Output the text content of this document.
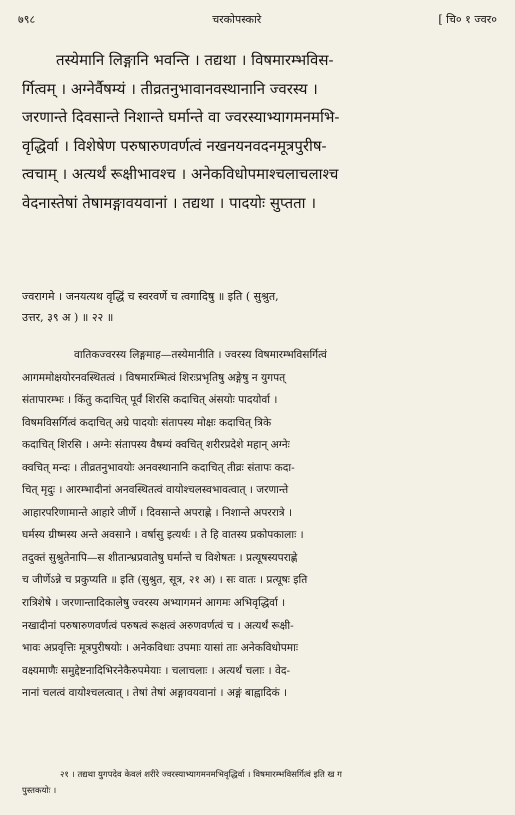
७९८	चरकोपस्कारे	[ चि० १ ज्वर०
तस्येमानि लिङ्गानि भवन्ति । तद्यथा । विषमारम्भविस-
र्गित्वम् । अग्नेर्वैषम्यं । तीव्रतनुभावानवस्थानानि ज्वरस्य ।
जरणान्ते दिवसान्ते निशान्ते घर्मान्ते वा ज्वरस्याभ्यागमनमभि-
वृद्धिर्वा । विशेषेण परुषारुणवर्णत्वं नखनयनवदनमूत्रपुरीष-
त्वचाम् । अत्यर्थं रूक्षीभावश्च । अनेकविधोपमाश्चलाचलाश्च
वेदनास्तेषां तेषामङ्गावयवानां । तद्यथा । पादयोः सुप्तता ।
ज्वरागमे । जनयत्यथ वृद्धिं च स्वरवर्णे च त्वगादिषु ॥ इति ( सुश्रुत,
उत्तर, ३९ अ ) ॥ २२ ॥
वातिकज्वरस्य लिङ्गमाह—तस्येमानीति । ज्वरस्य विषमारम्भविसर्गित्वं
आगममोक्षयोरनवस्थितत्वं । विषमारम्भित्वं शिरःप्रभृतिषु अङ्गेषु न युगपत्
संतापारम्भः । किंतु कदाचित् पूर्वं शिरसि कदाचित् अंसयोः पादयोर्वा ।
विषमविसर्गित्वं कदाचित् अग्रे पादयोः संतापस्य मोक्षः कदाचित् त्रिके
कदाचित् शिरसि । अग्नेः संतापस्य वैषम्यं क्वचित् शरीरप्रदेशे महान् अग्नेः
क्वचित् मन्दः । तीव्रतनुभावयोः अनवस्थानानि कदाचित् तीव्रः संतापः कदा-
चित् मृदुः । आरम्भादीनां अनवस्थितत्वं वायोश्चलस्वभावत्वात् । जरणान्ते
आहारपरिणामान्ते आहारे जीर्णे । दिवसान्ते अपराह्णे । निशान्ते अपररात्रे ।
घर्मस्य ग्रीष्मस्य अन्ते अवसाने । वर्षासु इत्यर्थः । ते हि वातस्य प्रकोपकालाः ।
तदुक्तं सुश्रुतेनापि—स शीतान्भ्रप्रवातेषु घर्मान्ते च विशेषतः । प्रत्यूषस्यपराह्णे
च जीर्णेऽन्ने च प्रकुप्यति ॥ इति (सुश्रुत, सूत्र, २१ अ) । सः वातः । प्रत्यूषः इति
रात्रिशेषे । जरणान्तादिकालेषु ज्वरस्य अभ्यागमनं आगमः अभिवृद्धिर्वा ।
नखादीनां परुषारुणवर्णत्वं परुषत्वं रूक्षत्वं अरुणवर्णत्वं च । अत्यर्थं रूक्षी-
भावः अप्रवृत्तिः मूत्रपुरीषयोः । अनेकविधाः उपमाः यासां ताः अनेकविधोपमाः
वक्ष्यमाणैः समुद्देष्टनादिभिरनेकैरुपमेयाः । चलाचलाः । अत्यर्थं चलाः । वेद-
नानां चलत्वं वायोश्चलत्वात् । तेषां तेषां अङ्गावयवानां । अङ्गं बाह्वादिकं ।
२१ । तद्यथा युगपदेव केवलं शरीरे ज्वरस्याभ्यागमनमभिवृद्धिर्वा । विषमारम्भविसर्गित्वं इति ख ग
पुस्तकयोः ।
